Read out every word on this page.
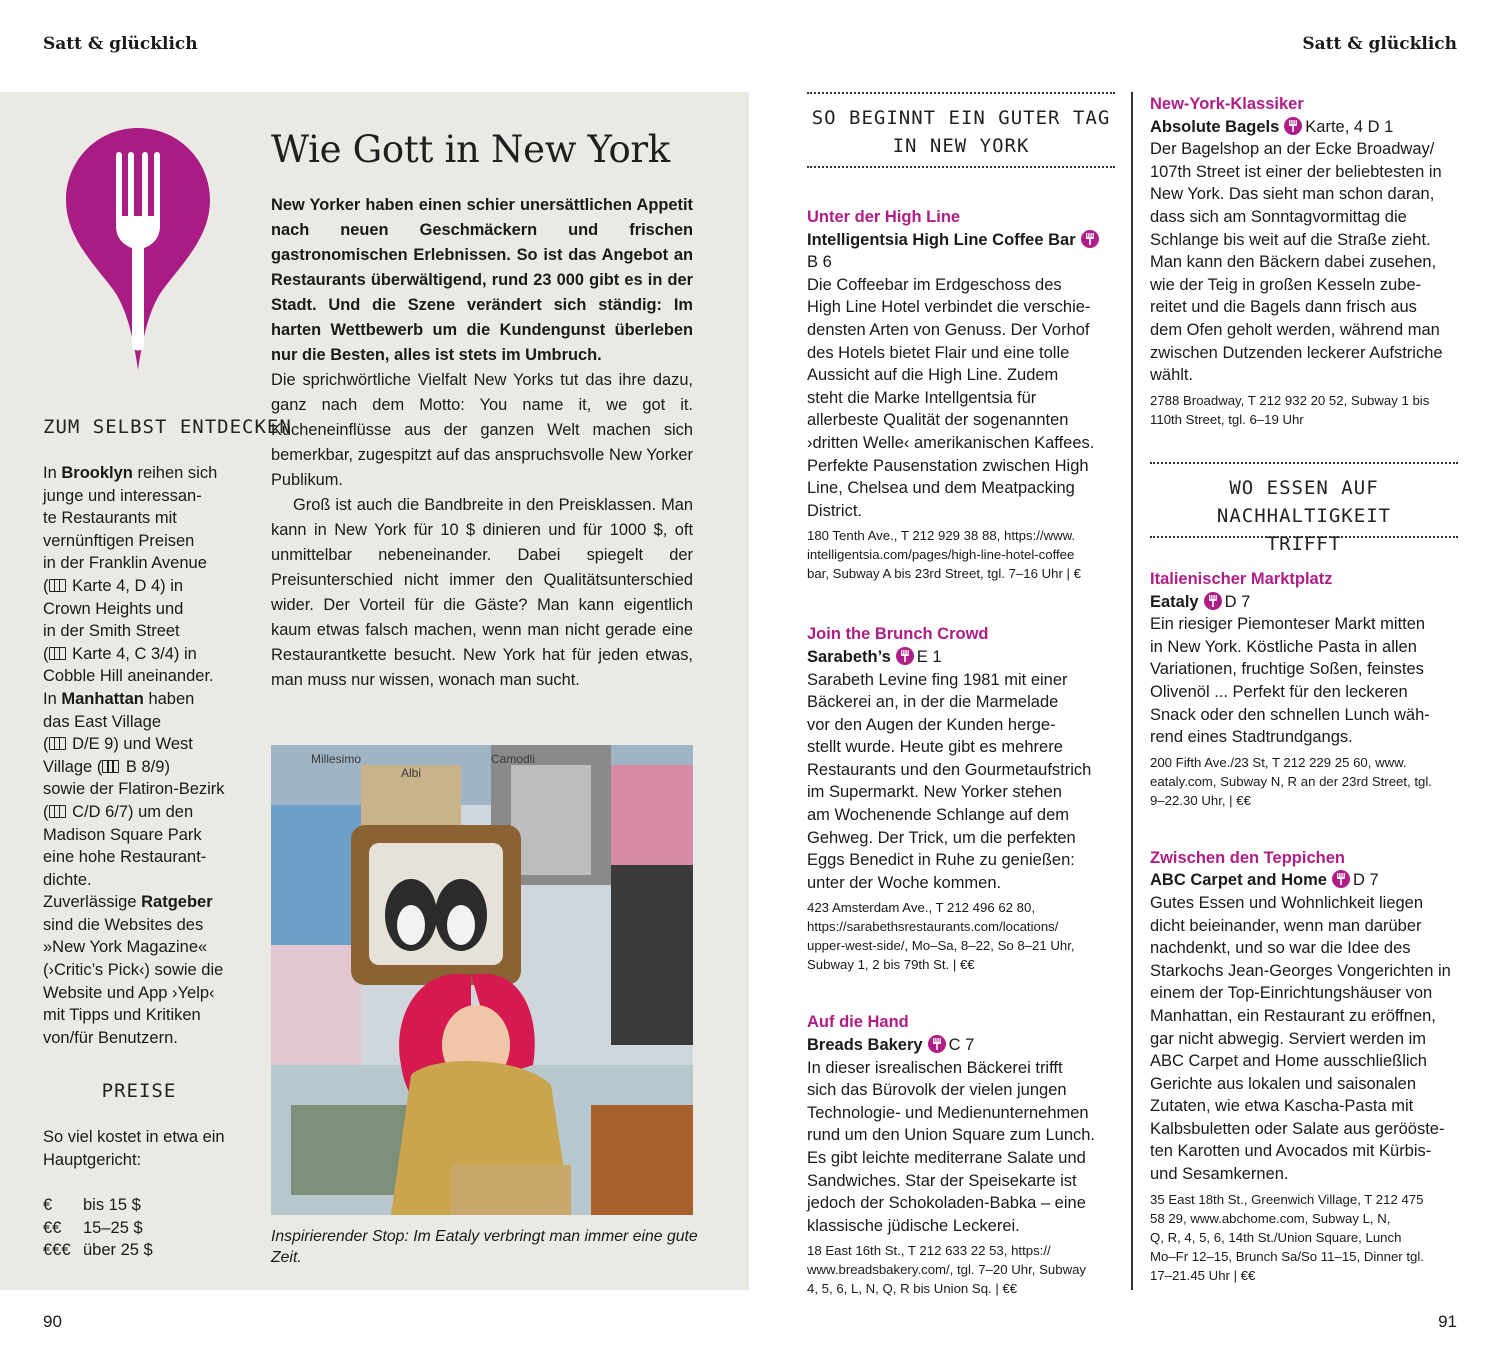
Satt & glücklich	Satt & glücklich
ZUM SELBST ENTDECKEN
In Brooklyn reihen sich
junge und interessan-
te Restaurants mit
vernünftigen Preisen
in der Franklin Avenue
( Karte 4, D 4) in
Crown Heights und
in der Smith Street
( Karte 4, C 3/4) in
Cobble Hill aneinander.
In Manhattan haben
das East Village
( D/E 9) und West
Village ( B 8/9)
sowie der Flatiron-Bezirk
( C/D 6/7) um den
Madison Square Park
eine hohe Restaurant-
dichte.
Zuverlässige Ratgeber
sind die Websites des
»New York Magazine«
(›Critic’s Pick‹) sowie die
Website und App ›Yelp‹
mit Tipps und Kritiken
von/für Benutzern.
PREISE
So viel kostet in etwa ein
Hauptgericht:
€ bis 15 $
€€ 15–25 $
€€€ über 25 $
Wie Gott in New York
New Yorker haben einen schier unersättlichen Appetit nach neuen Geschmäckern und frischen gastronomischen Erlebnissen. So ist das Angebot an Restaurants überwältigend, rund 23 000 gibt es in der Stadt. Und die Szene verändert sich ständig: Im harten Wettbewerb um die Kundengunst überleben nur die Besten, alles ist stets im Umbruch.

Die sprichwörtliche Vielfalt New Yorks tut das ihre dazu, ganz nach dem Motto: You name it, we got it. Kücheneinflüsse aus der ganzen Welt machen sich bemerkbar, zugespitzt auf das anspruchsvolle New Yorker Publikum.

Groß ist auch die Bandbreite in den Preisklassen. Man kann in New York für 10 $ dinieren und für 1000 $, oft unmittelbar nebeneinander. Dabei spiegelt der Preisunterschied nicht immer den Qualitätsunterschied wider. Der Vorteil für die Gäste? Man kann eigentlich kaum etwas falsch machen, wenn man nicht gerade eine Restaurantkette besucht. New York hat für jeden etwas, man muss nur wissen, wonach man sucht.

Millesimo
Albi
Camodli
Inspirierender Stop: Im Eataly verbringt man immer eine gute Zeit.
SO BEGINNT EIN GUTER TAG
IN NEW YORK
Unter der High Line
Intelligentsia High Line Coffee Bar
B 6
Die Coffeebar im Erdgeschoss des
High Line Hotel verbindet die verschie-
densten Arten von Genuss. Der Vorhof
des Hotels bietet Flair und eine tolle
Aussicht auf die High Line. Zudem
steht die Marke Intellgentsia für
allerbeste Qualität der sogenannten
›dritten Welle‹ amerikanischen Kaffees.
Perfekte Pausenstation zwischen High
Line, Chelsea und dem Meatpacking
District.
180 Tenth Ave., T 212 929 38 88, https://www.
intelligentsia.com/pages/high-line-hotel-coffee
bar, Subway A bis 23rd Street, tgl. 7–16 Uhr | €
Join the Brunch Crowd
Sarabeth’s E 1
Sarabeth Levine fing 1981 mit einer
Bäckerei an, in der die Marmelade
vor den Augen der Kunden herge-
stellt wurde. Heute gibt es mehrere
Restaurants und den Gourmetaufstrich
im Supermarkt. New Yorker stehen
am Wochenende Schlange auf dem
Gehweg. Der Trick, um die perfekten
Eggs Benedict in Ruhe zu genießen:
unter der Woche kommen.
423 Amsterdam Ave., T 212 496 62 80,
https://sarabethsrestaurants.com/locations/
upper-west-side/, Mo–Sa, 8–22, So 8–21 Uhr,
Subway 1, 2 bis 79th St. | €€
Auf die Hand
Breads Bakery C 7
In dieser isrealischen Bäckerei trifft
sich das Bürovolk der vielen jungen
Technologie- und Medienunternehmen
rund um den Union Square zum Lunch.
Es gibt leichte mediterrane Salate und
Sandwiches. Star der Speisekarte ist
jedoch der Schokoladen-Babka – eine
klassische jüdische Leckerei.
18 East 16th St., T 212 633 22 53, https://
www.breadsbakery.com/, tgl. 7–20 Uhr, Subway
4, 5, 6, L, N, Q, R bis Union Sq. | €€
New-York-Klassiker
Absolute Bagels Karte, 4 D 1
Der Bagelshop an der Ecke Broadway/
107th Street ist einer der beliebtesten in
New York. Das sieht man schon daran,
dass sich am Sonntagvormittag die
Schlange bis weit auf die Straße zieht.
Man kann den Bäckern dabei zusehen,
wie der Teig in großen Kesseln zube-
reitet und die Bagels dann frisch aus
dem Ofen geholt werden, während man
zwischen Dutzenden leckerer Aufstriche
wählt.
2788 Broadway, T 212 932 20 52, Subway 1 bis
110th Street, tgl. 6–19 Uhr
WO ESSEN AUF NACHHALTIGKEIT
TRIFFT
Italienischer Marktplatz
Eataly D 7
Ein riesiger Piemonteser Markt mitten
in New York. Köstliche Pasta in allen
Variationen, fruchtige Soßen, feinstes
Olivenöl ... Perfekt für den leckeren
Snack oder den schnellen Lunch wäh-
rend eines Stadtrundgangs.
200 Fifth Ave./23 St, T 212 229 25 60, www.
eataly.com, Subway N, R an der 23rd Street, tgl.
9–22.30 Uhr, | €€
Zwischen den Teppichen
ABC Carpet and Home D 7
Gutes Essen und Wohnlichkeit liegen
dicht beieinander, wenn man darüber
nachdenkt, und so war die Idee des
Starkochs Jean-Georges Vongerichten in
einem der Top-Einrichtungshäuser von
Manhattan, ein Restaurant zu eröffnen,
gar nicht abwegig. Serviert werden im
ABC Carpet and Home ausschließlich
Gerichte aus lokalen und saisonalen
Zutaten, wie etwa Kascha-Pasta mit
Kalbsbuletten oder Salate aus gerööste-
ten Karotten und Avocados mit Kürbis-
und Sesamkernen.
35 East 18th St., Greenwich Village, T 212 475
58 29, www.abchome.com, Subway L, N,
Q, R, 4, 5, 6, 14th St./Union Square, Lunch
Mo–Fr 12–15, Brunch Sa/So 11–15, Dinner tgl.
17–21.45 Uhr | €€
90	91
